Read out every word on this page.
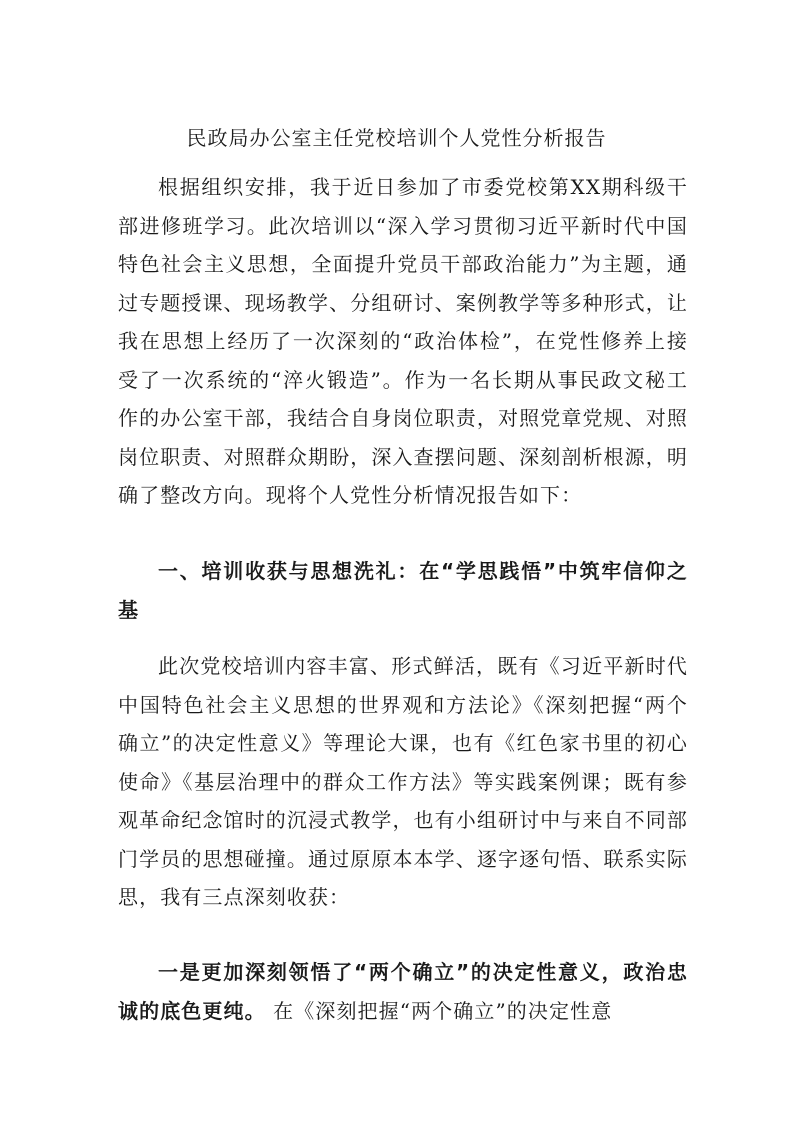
民政局办公室主任党校培训个人党性分析报告
根据组织安排，我于近日参加了市委党校第XX期科级干部进修班学习。此次培训以“深入学习贯彻习近平新时代中国特色社会主义思想，全面提升党员干部政治能力”为主题，通过专题授课、现场教学、分组研讨、案例教学等多种形式，让我在思想上经历了一次深刻的“政治体检”，在党性修养上接受了一次系统的“淬火锻造”。作为一名长期从事民政文秘工作的办公室干部，我结合自身岗位职责，对照党章党规、对照岗位职责、对照群众期盼，深入查摆问题、深刻剖析根源，明确了整改方向。现将个人党性分析情况报告如下：
一、培训收获与思想洗礼：在“学思践悟”中筑牢信仰之基
此次党校培训内容丰富、形式鲜活，既有《习近平新时代中国特色社会主义思想的世界观和方法论》《深刻把握“两个确立”的决定性意义》等理论大课，也有《红色家书里的初心使命》《基层治理中的群众工作方法》等实践案例课；既有参观革命纪念馆时的沉浸式教学，也有小组研讨中与来自不同部门学员的思想碰撞。通过原原本本学、逐字逐句悟、联系实际思，我有三点深刻收获：
一是更加深刻领悟了“两个确立”的决定性意义，政治忠诚的底色更纯。 在《深刻把握“两个确立”的决定性意
